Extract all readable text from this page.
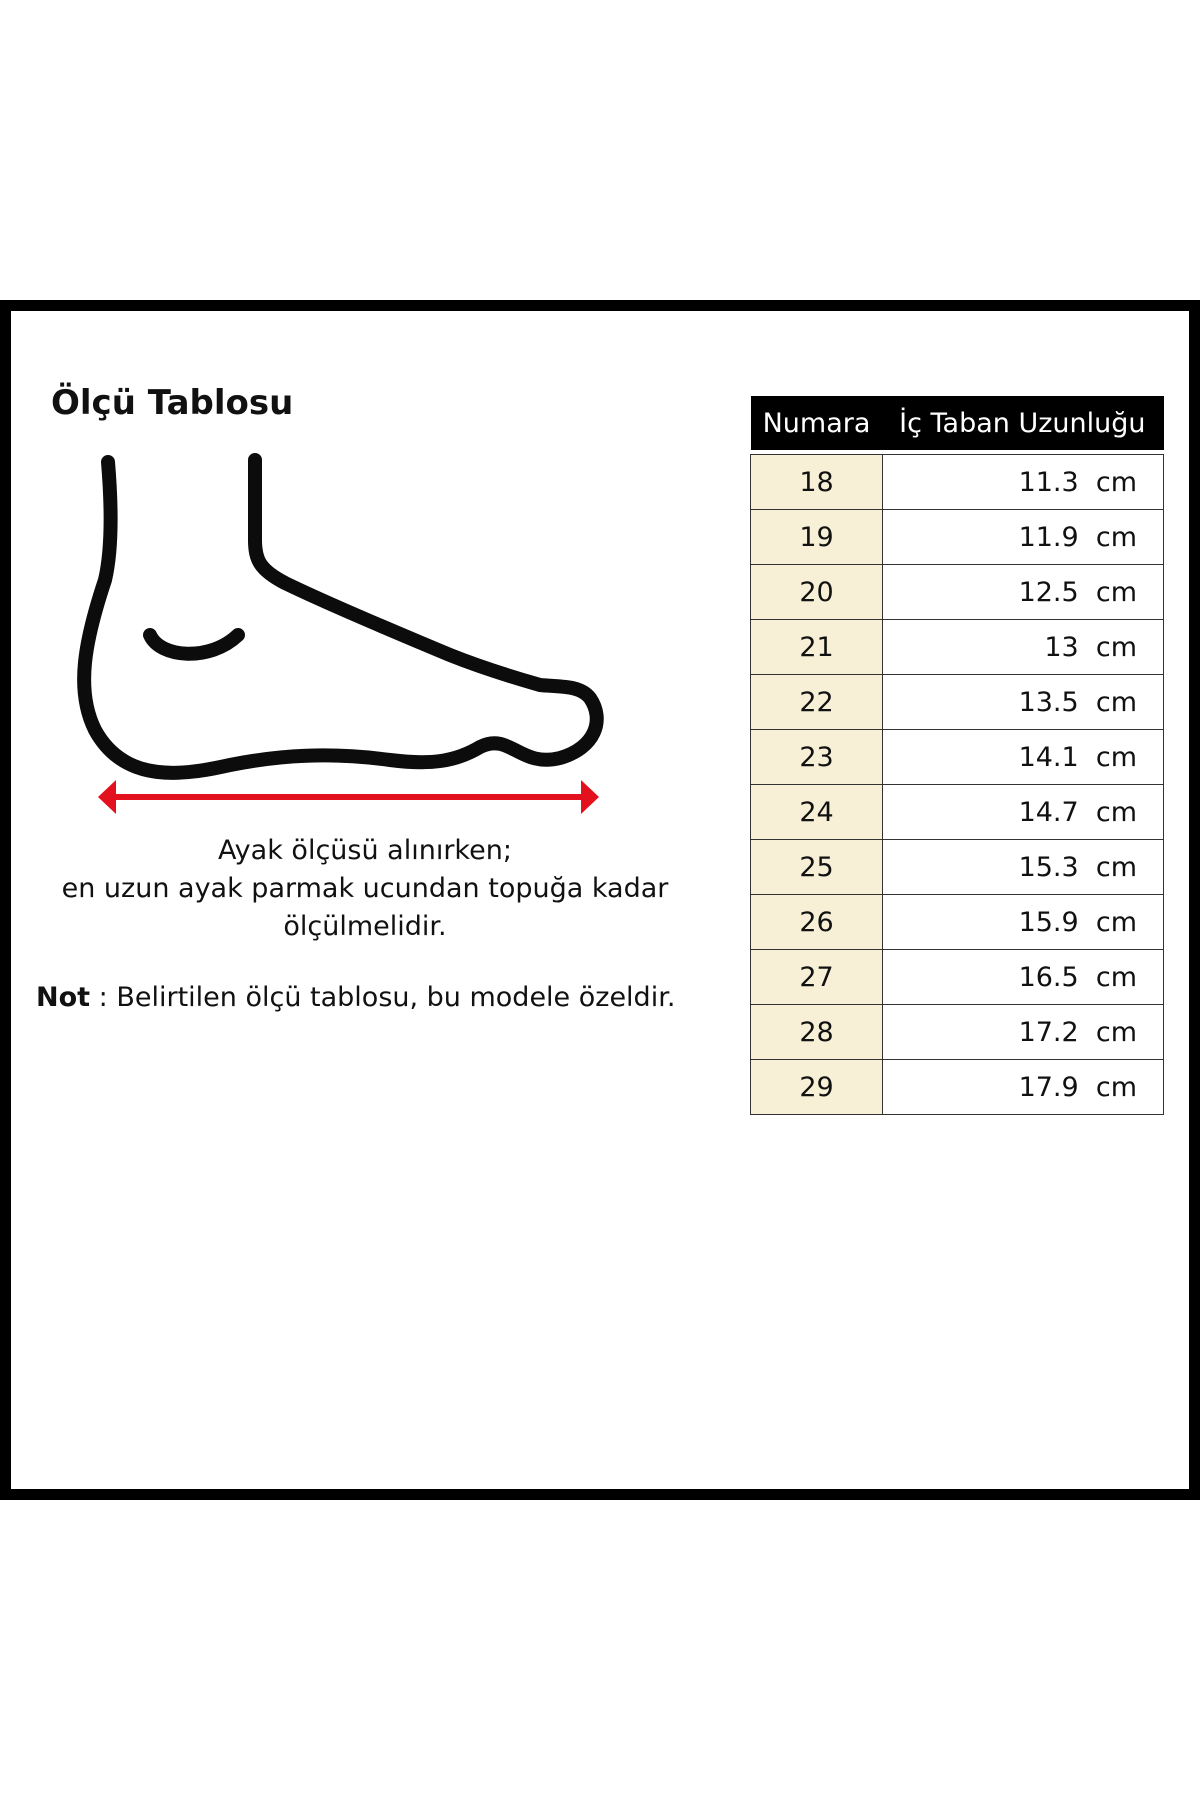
Ölçü Tablosu
Ayak ölçüsü alınırken;
en uzun ayak parmak ucundan topuğa kadar
ölçülmelidir.
Not : Belirtilen ölçü tablosu, bu modele özeldir.
Numara	İç Taban Uzunluğu

18	11.3  cm
19	11.9  cm
20	12.5  cm
21	13  cm
22	13.5  cm
23	14.1  cm
24	14.7  cm
25	15.3  cm
26	15.9  cm
27	16.5  cm
28	17.2  cm
29	17.9  cm
